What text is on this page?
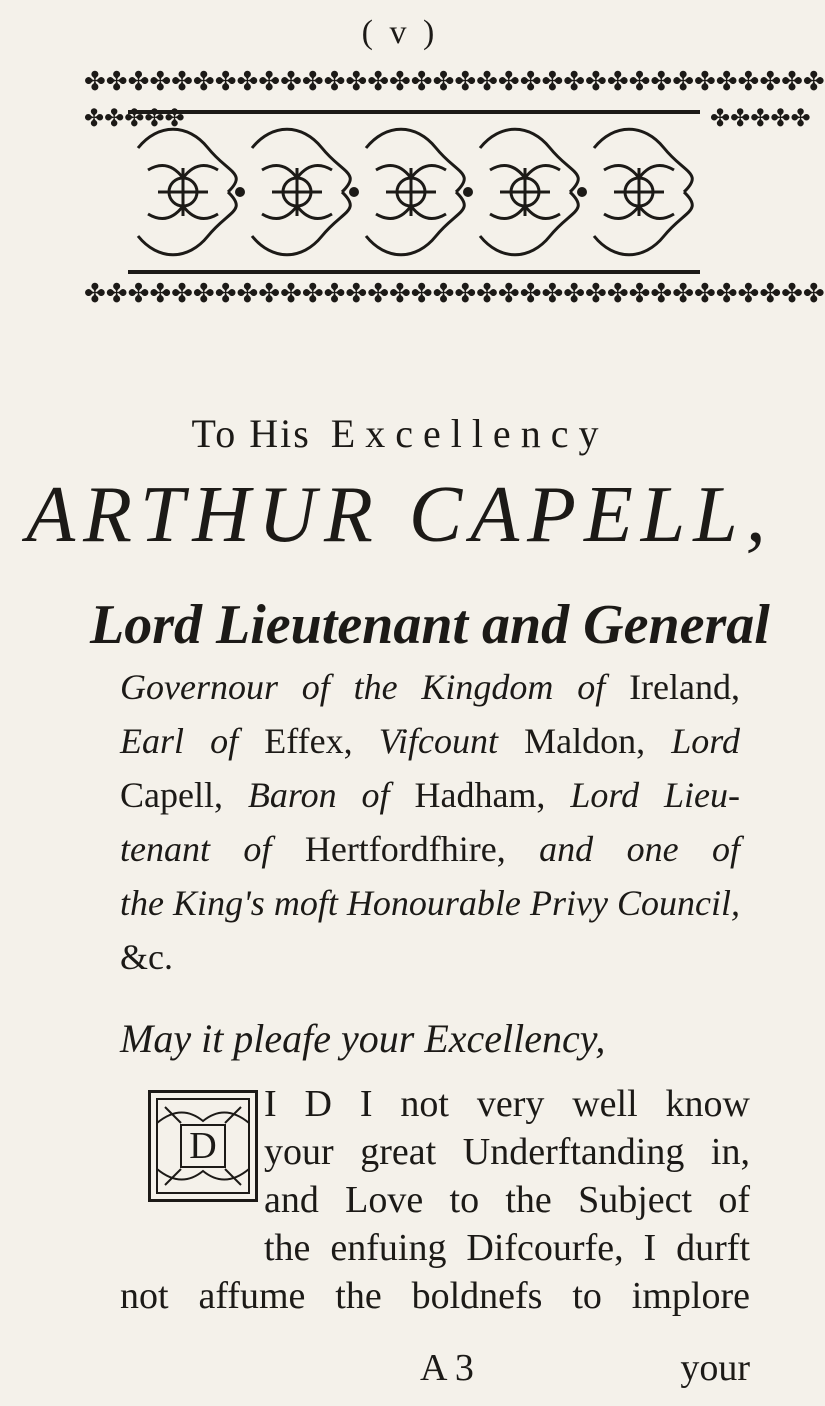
( v )
✤✤✤✤✤✤✤✤✤✤✤✤✤✤✤✤✤✤✤✤✤✤✤✤✤✤✤✤✤✤✤✤✤✤
✤✤✤✤✤	✤✤✤✤✤
✤✤✤✤✤✤✤✤✤✤✤✤✤✤✤✤✤✤✤✤✤✤✤✤✤✤✤✤✤✤✤✤✤✤
To His Excellency
ARTHUR CAPELL,
Lord Lieutenant and General
Governour of the Kingdom of Ireland,
Earl of Effex, Vifcount Maldon, Lord
Capell, Baron of Hadham, Lord Lieu-
tenant of Hertfordfhire, and one of
the King's moft Honourable Privy Council,
&c.
May it pleafe your Excellency,
D
I D I not very well know
your great Underftanding in,
and Love to the Subject of
the enfuing Difcourfe, I durft
not affume the boldnefs to implore
A 3	your
